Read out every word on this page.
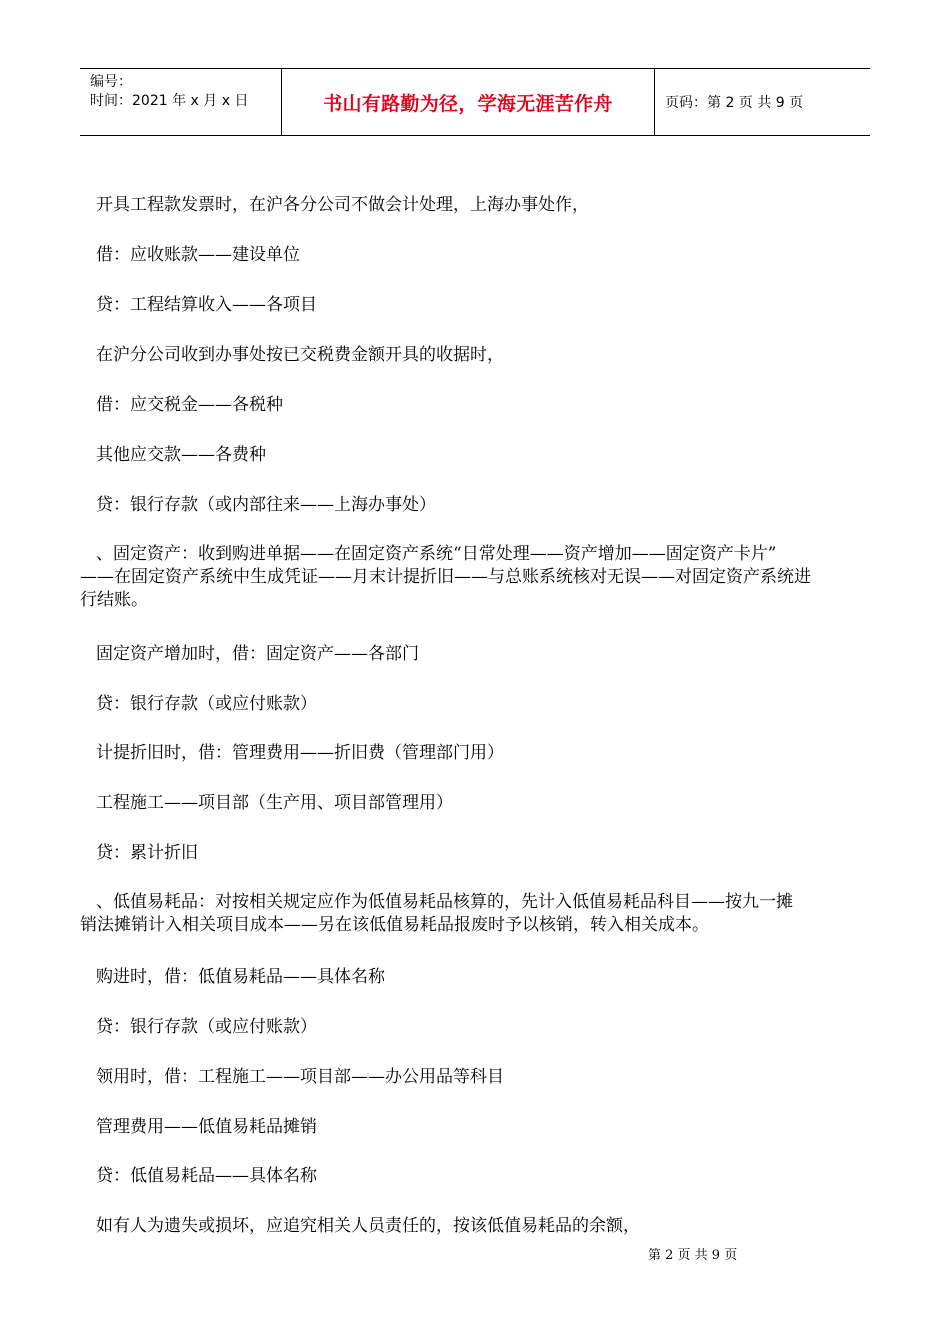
编号：
时间：2021 年 x 月 x 日	书山有路勤为径，学海无涯苦作舟	页码：第 2 页 共 9 页
开具工程款发票时，在沪各分公司不做会计处理，上海办事处作，
借：应收账款——建设单位
贷：工程结算收入——各项目
在沪分公司收到办事处按已交税费金额开具的收据时，
借：应交税金——各税种
其他应交款——各费种
贷：银行存款（或内部往来——上海办事处）
、固定资产：收到购进单据——在固定资产系统“日常处理——资产增加——固定资产卡片”
——在固定资产系统中生成凭证——月末计提折旧——与总账系统核对无误——对固定资产系统进
行结账。
固定资产增加时，借：固定资产——各部门
贷：银行存款（或应付账款）
计提折旧时，借：管理费用——折旧费（管理部门用）
工程施工——项目部（生产用、项目部管理用）
贷：累计折旧
、低值易耗品：对按相关规定应作为低值易耗品核算的，先计入低值易耗品科目——按九一摊
销法摊销计入相关项目成本——另在该低值易耗品报废时予以核销，转入相关成本。
购进时，借：低值易耗品——具体名称
贷：银行存款（或应付账款）
领用时，借：工程施工——项目部——办公用品等科目
管理费用——低值易耗品摊销
贷：低值易耗品——具体名称
如有人为遗失或损坏，应追究相关人员责任的，按该低值易耗品的余额，
第 2 页 共 9 页
